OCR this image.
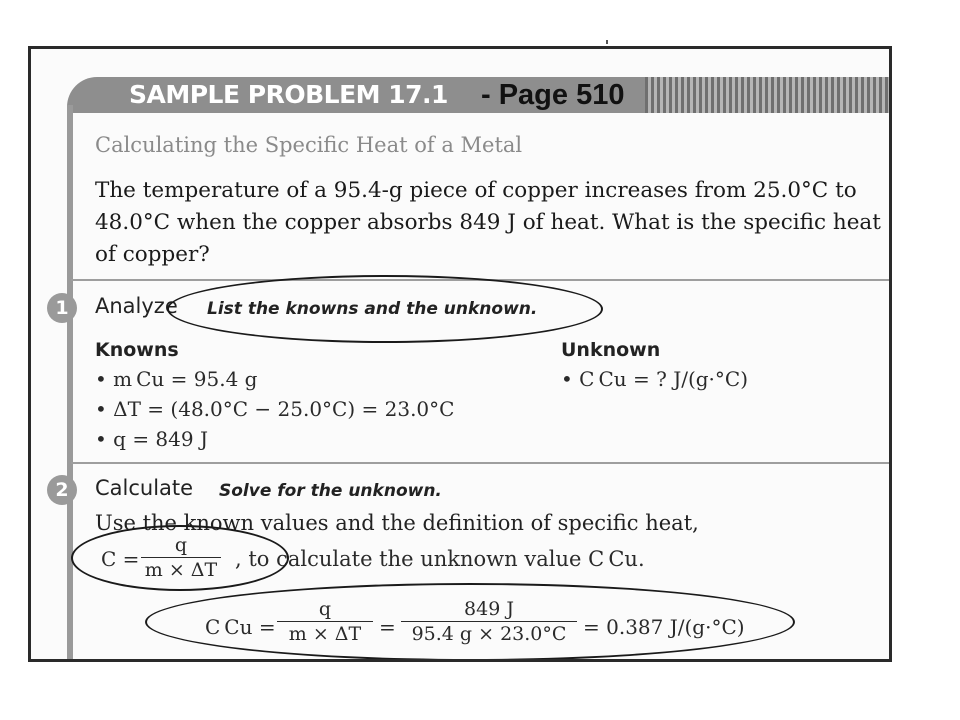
SAMPLE PROBLEM 17.1 - Page 510
Calculating the Specific Heat of a Metal
The temperature of a 95.4-g piece of copper increases from 25.0°C to
48.0°C when the copper absorbs 849 J of heat. What is the specific heat
of copper?
1	Analyze List the knowns and the unknown.
Knowns	Unknown
• m Cu = 95.4 g
• ΔT = (48.0°C − 25.0°C) = 23.0°C
• q = 849 J
• C Cu = ? J/(g·°C)
2	Calculate Solve for the unknown.
Use the known values and the definition of specific heat,
C =
q
m × ΔT , to calculate the unknown value C Cu.
C Cu =
q
m × ΔT =
849 J
95.4 g × 23.0°C = 0.387 J/(g·°C)
